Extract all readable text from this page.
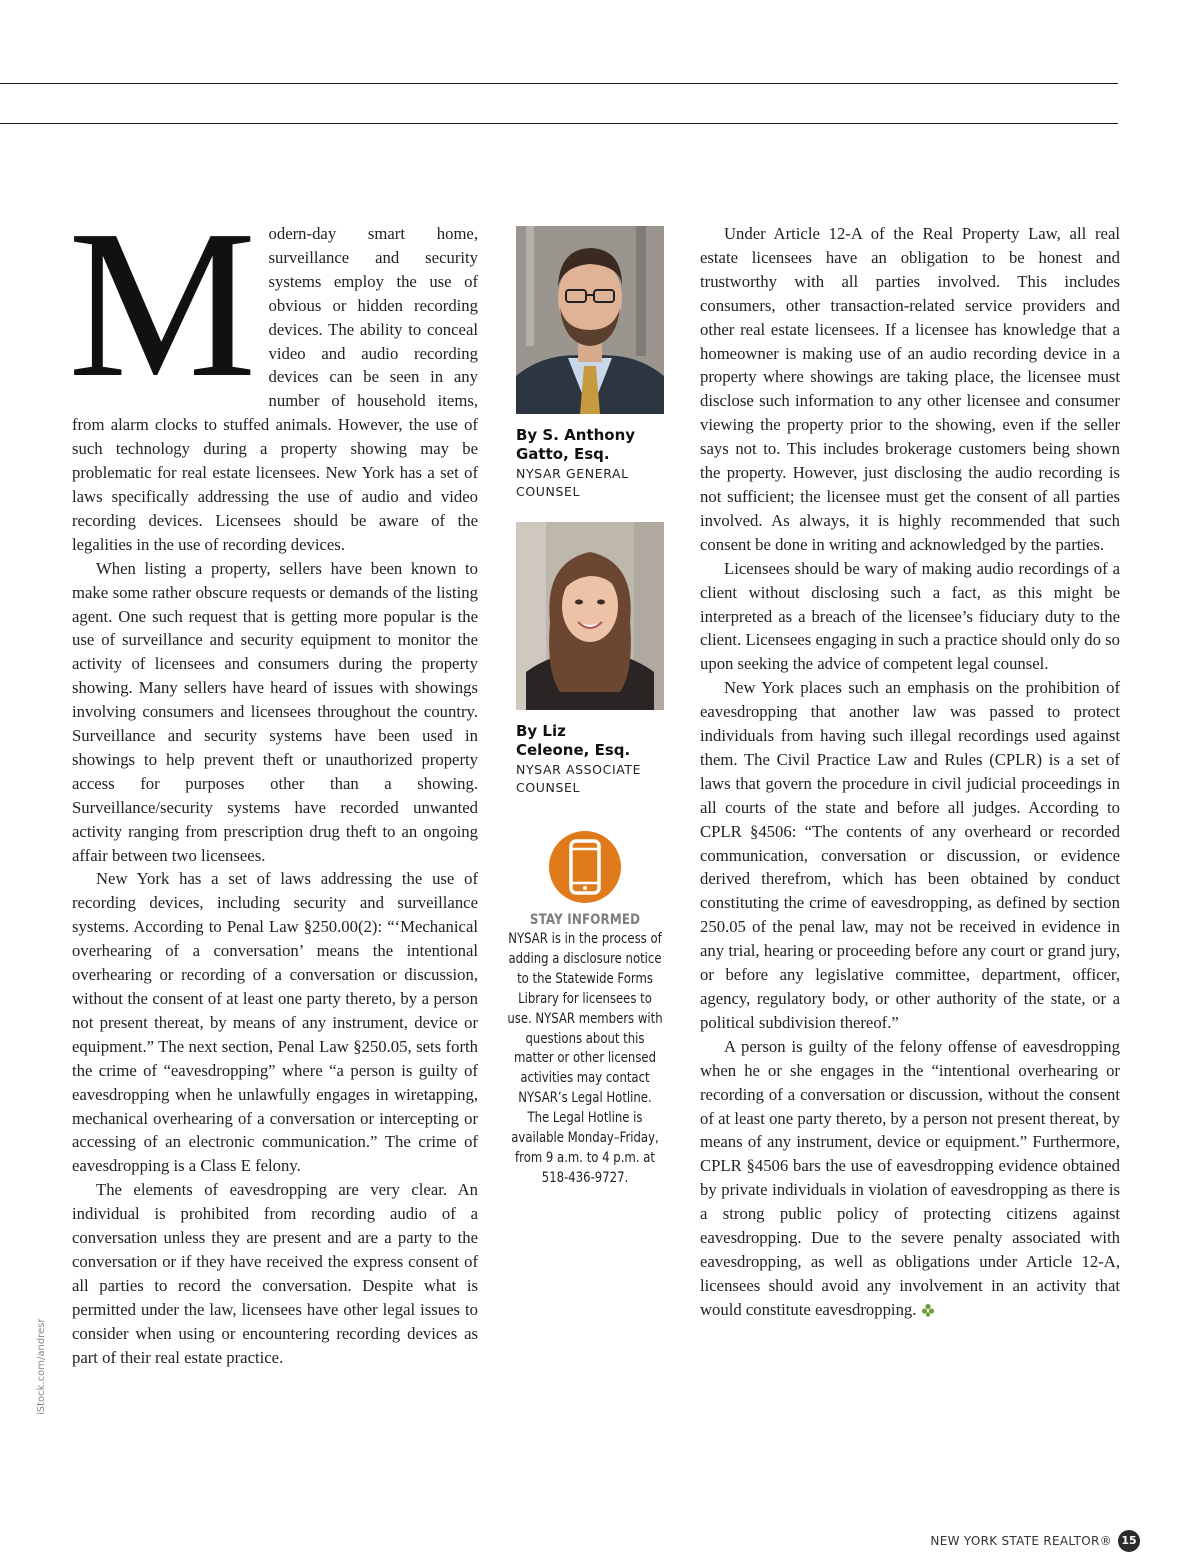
Modern-day smart home, surveillance and security systems employ the use of obvious or hidden recording devices. The ability to conceal video and audio recording devices can be seen in any number of household items, from alarm clocks to stuffed animals. However, the use of such technology during a property showing may be problematic for real estate licensees. New York has a set of laws specifically addressing the use of audio and video recording devices. Licensees should be aware of the legalities in the use of recording devices.

When listing a property, sellers have been known to make some rather obscure requests or demands of the listing agent. One such request that is getting more popular is the use of surveillance and security equipment to monitor the activity of licensees and consumers during the property showing. Many sellers have heard of issues with showings involving consumers and licensees throughout the country. Surveillance and security systems have been used in showings to help prevent theft or unauthorized property access for purposes other than a showing. Surveillance/security systems have recorded unwanted activity ranging from prescription drug theft to an ongoing affair between two licensees.

New York has a set of laws addressing the use of recording devices, including security and surveillance systems. According to Penal Law §250.00(2): “‘Mechanical overhearing of a conversation’ means the intentional overhearing or recording of a conversation or discussion, without the consent of at least one party thereto, by a person not present thereat, by means of any instrument, device or equipment.” The next section, Penal Law §250.05, sets forth the crime of “eavesdropping” where “a person is guilty of eavesdropping when he unlawfully engages in wiretapping, mechanical overhearing of a conversation or intercepting or accessing of an electronic communication.” The crime of eavesdropping is a Class E felony.

The elements of eavesdropping are very clear. An individual is prohibited from recording audio of a conversation unless they are present and are a party to the conversation or if they have received the express consent of all parties to record the conversation. Despite what is permitted under the law, licensees have other legal issues to consider when using or encountering recording devices as part of their real estate practice.

By S. Anthony
Gatto, Esq.
NYSAR GENERAL
COUNSEL
By Liz
Celeone, Esq.
NYSAR ASSOCIATE
COUNSEL
STAY INFORMED
NYSAR is in the process of adding a disclosure notice to the Statewide Forms Library for licensees to use. NYSAR members with questions about this matter or other licensed activities may contact NYSAR’s Legal Hotline. The Legal Hotline is available Monday–Friday, from 9 a.m. to 4 p.m. at 518-436-9727.

Under Article 12-A of the Real Property Law, all real estate licensees have an obligation to be honest and trustworthy with all parties involved. This includes consumers, other transaction-related service providers and other real estate licensees. If a licensee has knowledge that a homeowner is making use of an audio recording device in a property where showings are taking place, the licensee must disclose such information to any other licensee and consumer viewing the property prior to the showing, even if the seller says not to. This includes brokerage customers being shown the property. However, just disclosing the audio recording is not sufficient; the licensee must get the consent of all parties involved. As always, it is highly recommended that such consent be done in writing and acknowledged by the parties.

Licensees should be wary of making audio recordings of a client without disclosing such a fact, as this might be interpreted as a breach of the licensee’s fiduciary duty to the client. Licensees engaging in such a practice should only do so upon seeking the advice of competent legal counsel.

New York places such an emphasis on the prohibition of eavesdropping that another law was passed to protect individuals from having such illegal recordings used against them. The Civil Practice Law and Rules (CPLR) is a set of laws that govern the procedure in civil judicial proceedings in all courts of the state and before all judges. According to CPLR §4506: “The contents of any overheard or recorded communication, conversation or discussion, or evidence derived therefrom, which has been obtained by conduct constituting the crime of eavesdropping, as defined by section 250.05 of the penal law, may not be received in evidence in any trial, hearing or proceeding before any court or grand jury, or before any legislative committee, department, officer, agency, regulatory body, or other authority of the state, or a political subdivision thereof.”

A person is guilty of the felony offense of eavesdropping when he or she engages in the “intentional overhearing or recording of a conversation or discussion, without the consent of at least one party thereto, by a person not present thereat, by means of any instrument, device or equipment.” Furthermore, CPLR §4506 bars the use of eavesdropping evidence obtained by private individuals in violation of eavesdropping as there is a strong public policy of protecting citizens against eavesdropping. Due to the severe penalty associated with eavesdropping, as well as obligations under Article 12-A, licensees should avoid any involvement in an activity that would constitute eavesdropping.

iStock.com/andresr
NEW YORK STATE REALTOR® 15
